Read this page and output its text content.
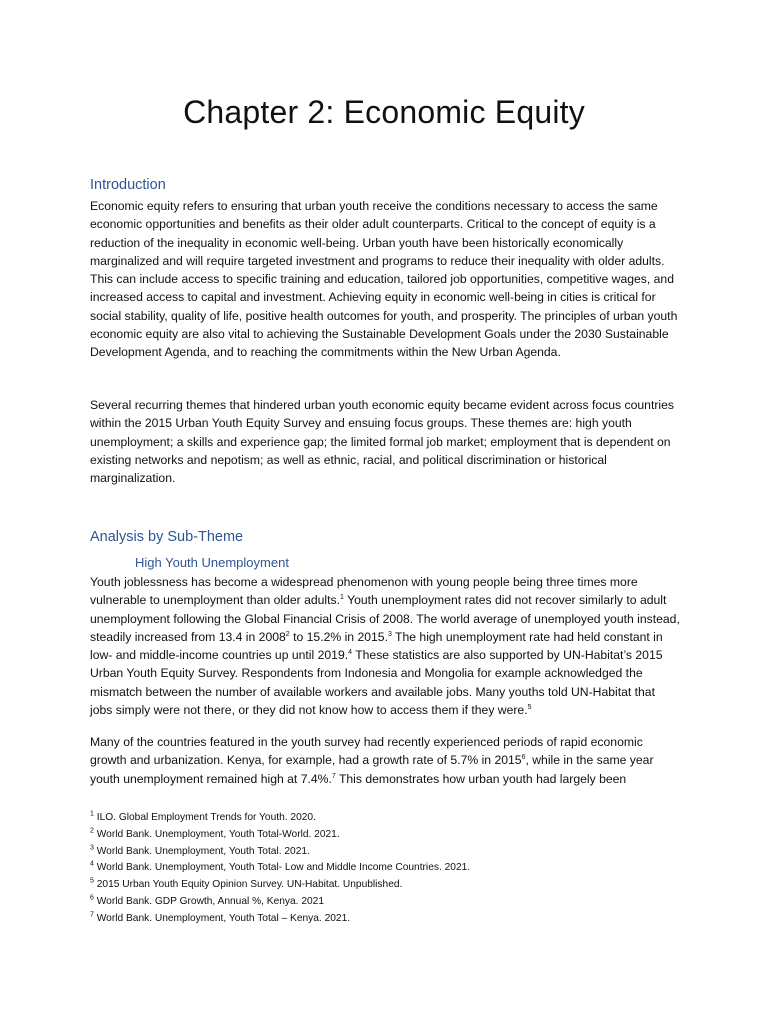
Chapter 2: Economic Equity
Introduction

Economic equity refers to ensuring that urban youth receive the conditions necessary to access the same economic opportunities and benefits as their older adult counterparts. Critical to the concept of equity is a reduction of the inequality in economic well-being. Urban youth have been historically economically marginalized and will require targeted investment and programs to reduce their inequality with older adults. This can include access to specific training and education, tailored job opportunities, competitive wages, and increased access to capital and investment. Achieving equity in economic well-being in cities is critical for social stability, quality of life, positive health outcomes for youth, and prosperity. The principles of urban youth economic equity are also vital to achieving the Sustainable Development Goals under the 2030 Sustainable Development Agenda, and to reaching the commitments within the New Urban Agenda.

Several recurring themes that hindered urban youth economic equity became evident across focus countries within the 2015 Urban Youth Equity Survey and ensuing focus groups. These themes are: high youth unemployment; a skills and experience gap; the limited formal job market; employment that is dependent on existing networks and nepotism; as well as ethnic, racial, and political discrimination or historical marginalization.

Analysis by Sub-Theme
High Youth Unemployment

Youth joblessness has become a widespread phenomenon with young people being three times more vulnerable to unemployment than older adults.$^1$ Youth unemployment rates did not recover similarly to adult unemployment following the Global Financial Crisis of 2008. The world average of unemployed youth instead, steadily increased from 13.4 in 2008$^2$ to 15.2% in 2015.$^3$ The high unemployment rate had held constant in low- and middle-income countries up until 2019.$^4$ These statistics are also supported by UN-Habitat’s 2015 Urban Youth Equity Survey. Respondents from Indonesia and Mongolia for example acknowledged the mismatch between the number of available workers and available jobs. Many youths told UN-Habitat that jobs simply were not there, or they did not know how to access them if they were.$^5$

Many of the countries featured in the youth survey had recently experienced periods of rapid economic growth and urbanization. Kenya, for example, had a growth rate of 5.7% in 2015$^6$, while in the same year youth unemployment remained high at 7.4%.$^7$ This demonstrates how urban youth had largely been

$^1$ ILO. Global Employment Trends for Youth. 2020.
$^2$ World Bank. Unemployment, Youth Total-World. 2021.
$^3$ World Bank. Unemployment, Youth Total. 2021.
$^4$ World Bank. Unemployment, Youth Total- Low and Middle Income Countries. 2021.
$^5$ 2015 Urban Youth Equity Opinion Survey. UN-Habitat. Unpublished.
$^6$ World Bank. GDP Growth, Annual %, Kenya. 2021
$^7$ World Bank. Unemployment, Youth Total – Kenya. 2021.
